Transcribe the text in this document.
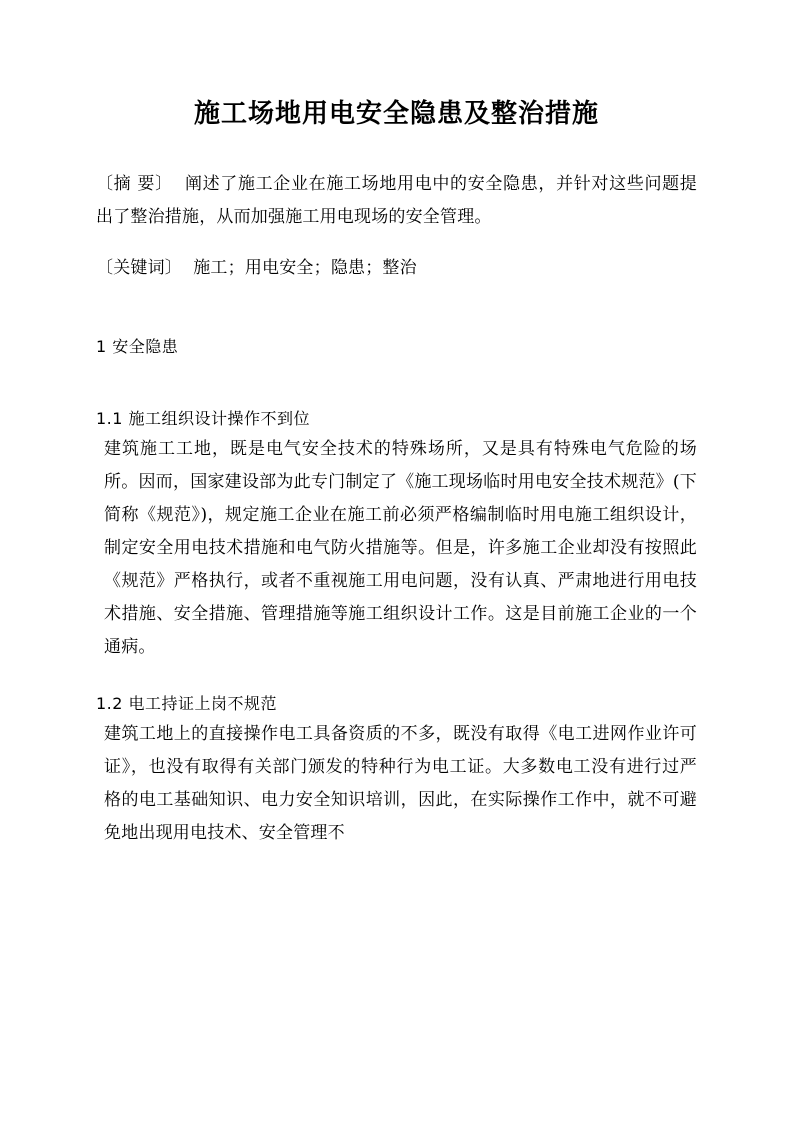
施工场地用电安全隐患及整治措施

〔摘 要〕 阐述了施工企业在施工场地用电中的安全隐患，并针对这些问题提出了整治措施，从而加强施工用电现场的安全管理。

〔关键词〕 施工；用电安全；隐患；整治

1 安全隐患
1.1 施工组织设计操作不到位

建筑施工工地，既是电气安全技术的特殊场所，又是具有特殊电气危险的场所。因而，国家建设部为此专门制定了《施工现场临时用电安全技术规范》(下简称《规范》)，规定施工企业在施工前必须严格编制临时用电施工组织设计，制定安全用电技术措施和电气防火措施等。但是，许多施工企业却没有按照此《规范》严格执行，或者不重视施工用电问题，没有认真、严肃地进行用电技术措施、安全措施、管理措施等施工组织设计工作。这是目前施工企业的一个通病。

1.2 电工持证上岗不规范

建筑工地上的直接操作电工具备资质的不多，既没有取得《电工进网作业许可证》，也没有取得有关部门颁发的特种行为电工证。大多数电工没有进行过严格的电工基础知识、电力安全知识培训，因此，在实际操作工作中，就不可避免地出现用电技术、安全管理不
